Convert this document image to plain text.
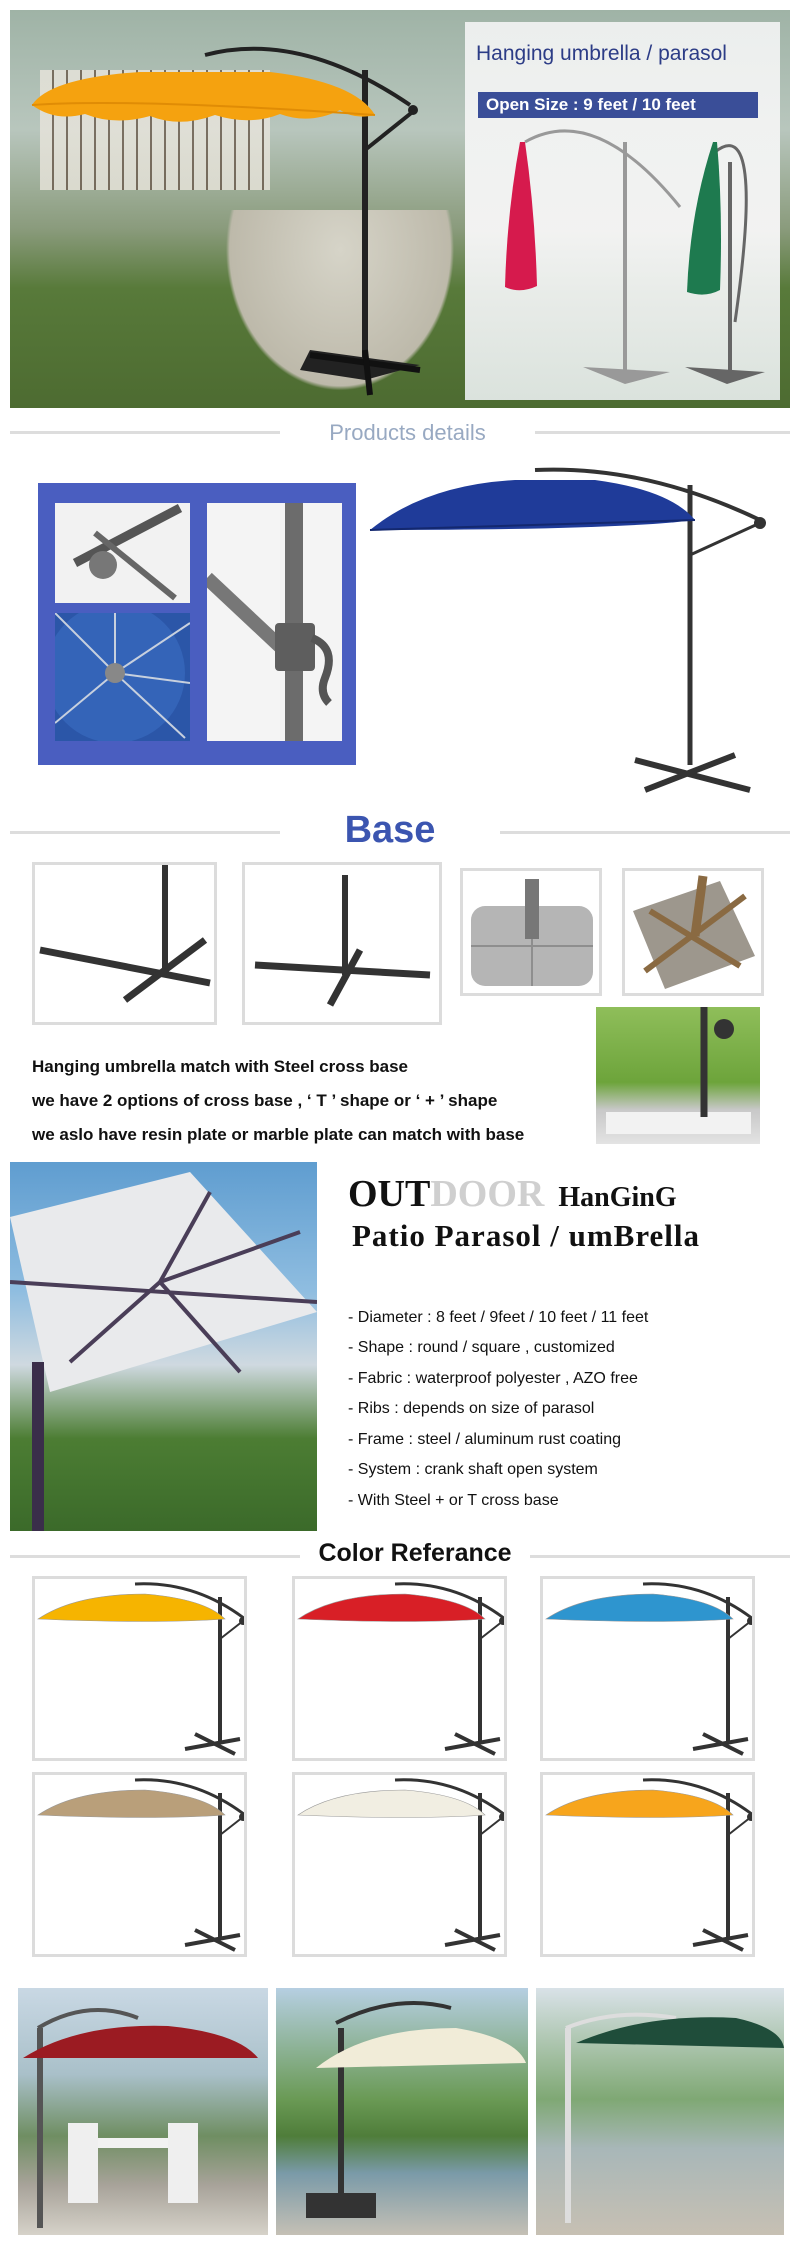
Hanging umbrella / parasol
Open Size : 9 feet / 10 feet
Products details
Base
Hanging umbrella match with Steel cross base
we have 2 options of cross base , ‘ T ’ shape or ‘ + ’ shape
we aslo have resin plate or marble plate can match with base
OUTDOOR HanGinG
Patio Parasol / umBrella
- Diameter : 8 feet / 9feet / 10 feet / 11 feet
- Shape : round / square , customized
- Fabric : waterproof polyester , AZO free
- Ribs : depends on size of parasol
- Frame : steel / aluminum rust coating
- System : crank shaft open system
- With Steel + or T cross base
Color Referance
